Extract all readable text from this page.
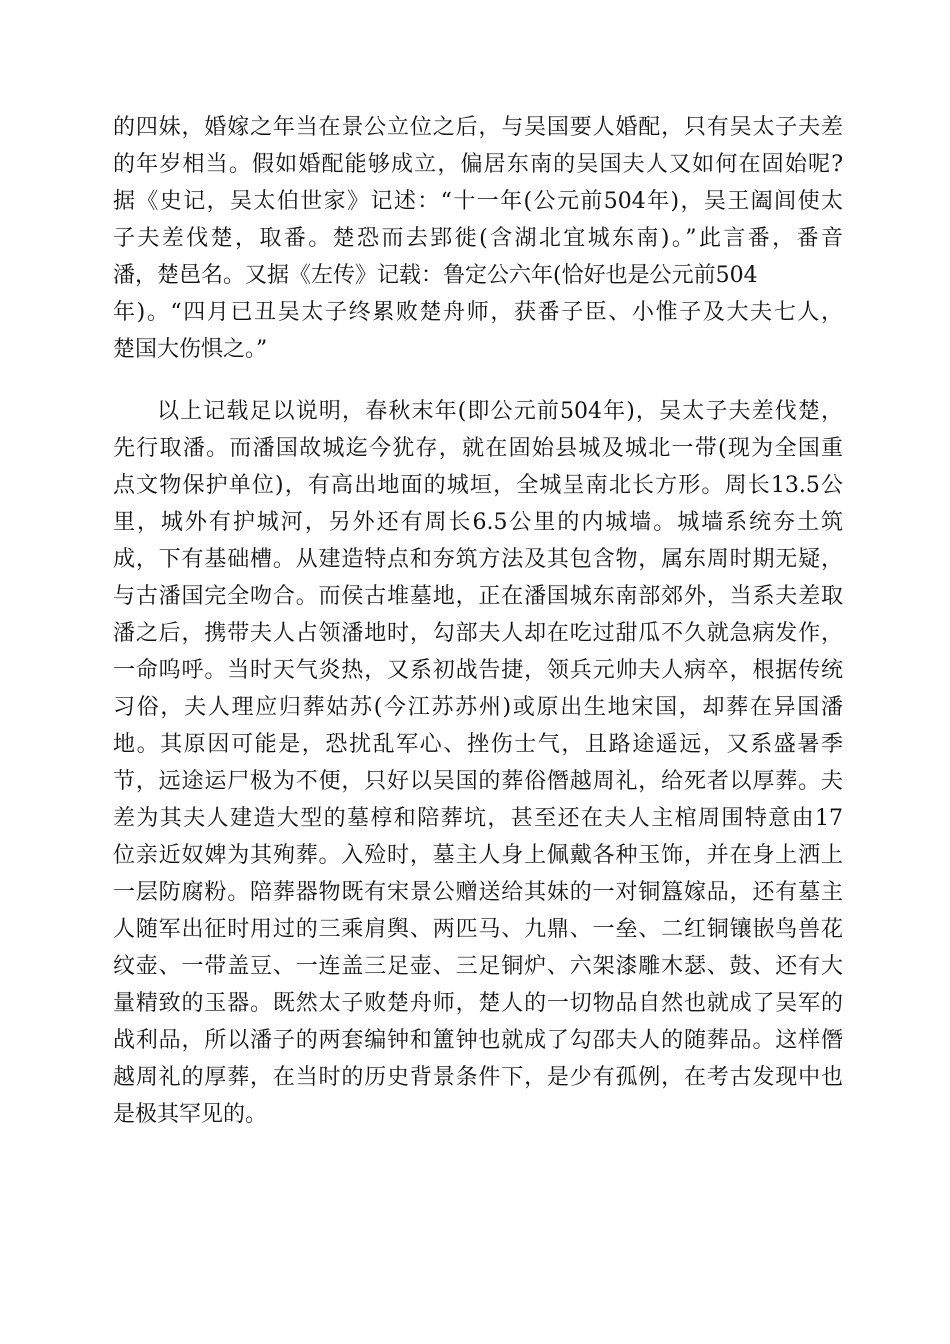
的四妹，婚嫁之年当在景公立位之后，与吴国要人婚配，只有吴太子夫差
的年岁相当。假如婚配能够成立，偏居东南的吴国夫人又如何在固始呢?
据《史记，吴太伯世家》记述：“十一年(公元前504年)，吴王阖闾使太
子夫差伐楚，取番。楚恐而去郢徙(含湖北宜城东南)。”此言番，番音
潘，楚邑名。又据《左传》记载：鲁定公六年(恰好也是公元前504
年)。“四月已丑吴太子终累败楚舟师，获番子臣、小惟子及大夫七人，
楚国大伤惧之。”
以上记载足以说明，春秋末年(即公元前504年)，吴太子夫差伐楚，
先行取潘。而潘国故城迄今犹存，就在固始县城及城北一带(现为全国重
点文物保护单位)，有高出地面的城垣，全城呈南北长方形。周长13.5公
里，城外有护城河，另外还有周长6.5公里的内城墙。城墙系统夯土筑
成，下有基础槽。从建造特点和夯筑方法及其包含物，属东周时期无疑，
与古潘国完全吻合。而侯古堆墓地，正在潘国城东南部郊外，当系夫差取
潘之后，携带夫人占领潘地时，勾部夫人却在吃过甜瓜不久就急病发作，
一命呜呼。当时天气炎热，又系初战告捷，领兵元帅夫人病卒，根据传统
习俗，夫人理应归葬姑苏(今江苏苏州)或原出生地宋国，却葬在异国潘
地。其原因可能是，恐扰乱军心、挫伤士气，且路途遥远，又系盛暑季
节，远途运尸极为不便，只好以吴国的葬俗僭越周礼，给死者以厚葬。夫
差为其夫人建造大型的墓椁和陪葬坑，甚至还在夫人主棺周围特意由17
位亲近奴婢为其殉葬。入殓时，墓主人身上佩戴各种玉饰，并在身上洒上
一层防腐粉。陪葬器物既有宋景公赠送给其妹的一对铜簋嫁品，还有墓主
人随军出征时用过的三乘肩舆、两匹马、九鼎、一垒、二红铜镶嵌鸟兽花
纹壶、一带盖豆、一连盖三足壶、三足铜炉、六架漆雕木瑟、鼓、还有大
量精致的玉器。既然太子败楚舟师，楚人的一切物品自然也就成了吴军的
战利品，所以潘子的两套编钟和簠钟也就成了勾邵夫人的随葬品。这样僭
越周礼的厚葬，在当时的历史背景条件下，是少有孤例，在考古发现中也
是极其罕见的。
